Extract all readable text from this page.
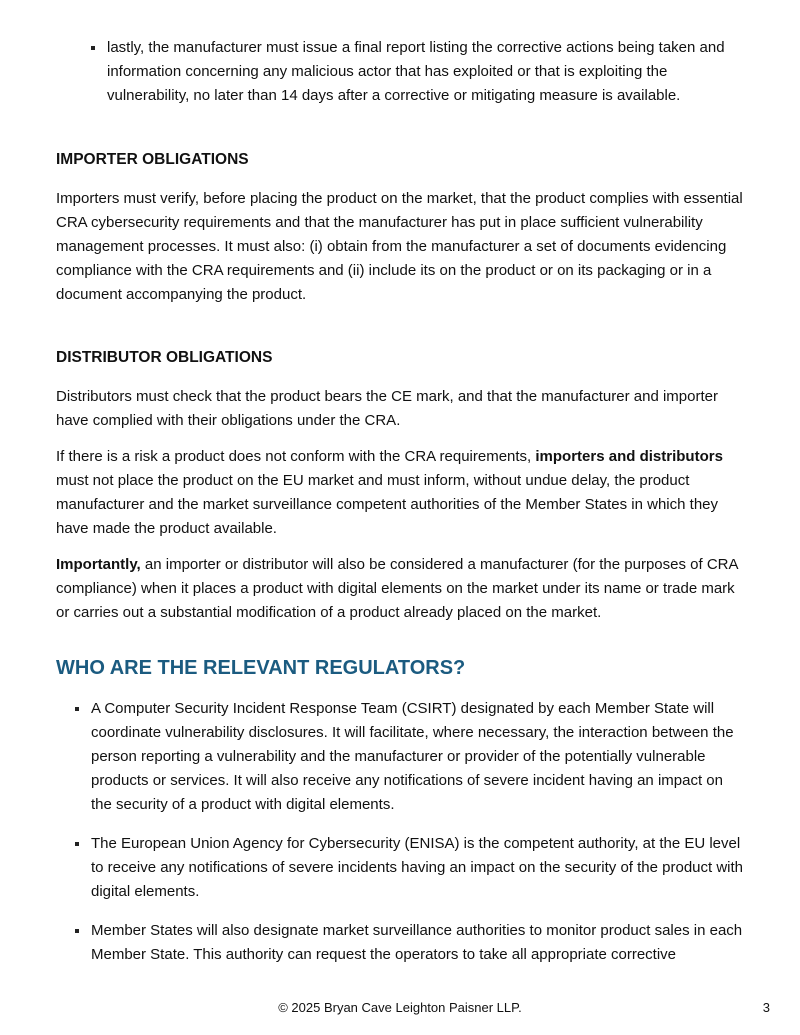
lastly, the manufacturer must issue a final report listing the corrective actions being taken and information concerning any malicious actor that has exploited or that is exploiting the vulnerability, no later than 14 days after a corrective or mitigating measure is available.
IMPORTER OBLIGATIONS

Importers must verify, before placing the product on the market, that the product complies with essential CRA cybersecurity requirements and that the manufacturer has put in place sufficient vulnerability management processes. It must also: (i) obtain from the manufacturer a set of documents evidencing compliance with the CRA requirements and (ii) include its on the product or on its packaging or in a document accompanying the product.

DISTRIBUTOR OBLIGATIONS

Distributors must check that the product bears the CE mark, and that the manufacturer and importer have complied with their obligations under the CRA.

If there is a risk a product does not conform with the CRA requirements, importers and distributors must not place the product on the EU market and must inform, without undue delay, the product manufacturer and the market surveillance competent authorities of the Member States in which they have made the product available.

Importantly, an importer or distributor will also be considered a manufacturer (for the purposes of CRA compliance) when it places a product with digital elements on the market under its name or trade mark or carries out a substantial modification of a product already placed on the market.

WHO ARE THE RELEVANT REGULATORS?
A Computer Security Incident Response Team (CSIRT) designated by each Member State will coordinate vulnerability disclosures. It will facilitate, where necessary, the interaction between the person reporting a vulnerability and the manufacturer or provider of the potentially vulnerable products or services. It will also receive any notifications of severe incident having an impact on the security of a product with digital elements.
The European Union Agency for Cybersecurity (ENISA) is the competent authority, at the EU level to receive any notifications of severe incidents having an impact on the security of the product with digital elements.
Member States will also designate market surveillance authorities to monitor product sales in each Member State. This authority can request the operators to take all appropriate corrective
© 2025 Bryan Cave Leighton Paisner LLP.	3
